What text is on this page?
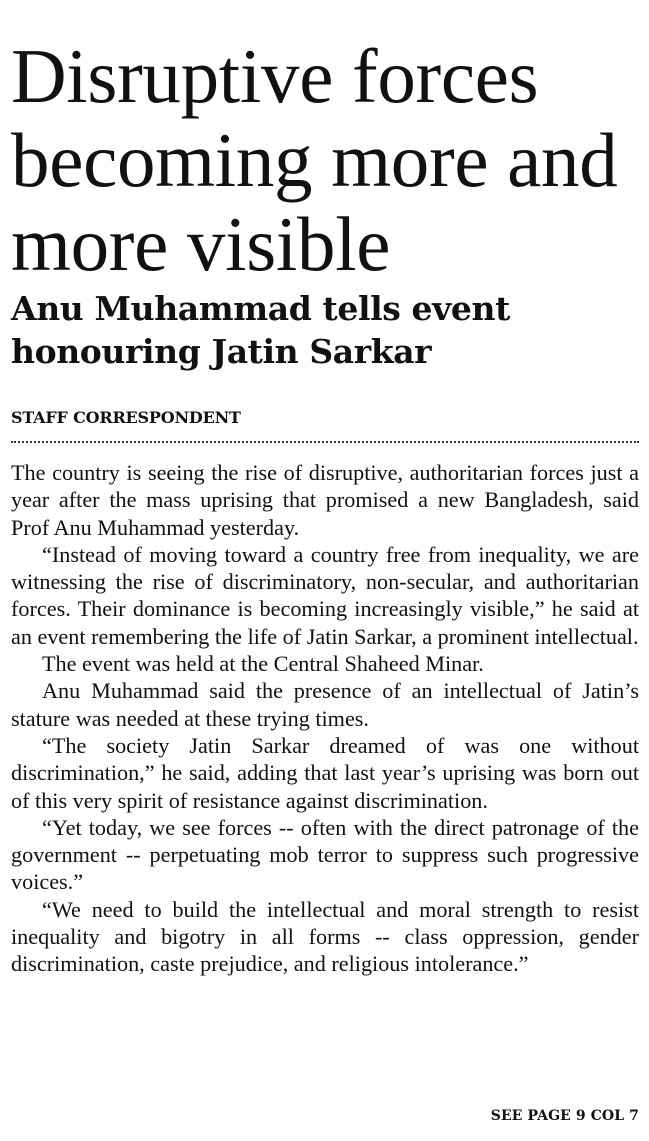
Disruptive forces becoming more and more visible
Anu Muhammad tells event honouring Jatin Sarkar
STAFF CORRESPONDENT

The country is seeing the rise of disruptive, authoritarian forces just a year after the mass uprising that promised a new Bangladesh, said Prof Anu Muhammad yesterday.

“Instead of moving toward a country free from inequality, we are witnessing the rise of discriminatory, non-secular, and authoritarian forces. Their dominance is becoming increasingly visible,” he said at an event remembering the life of Jatin Sarkar, a prominent intellectual.

The event was held at the Central Shaheed Minar.

Anu Muhammad said the presence of an intellectual of Jatin’s stature was needed at these trying times.

“The society Jatin Sarkar dreamed of was one without discrimination,” he said, adding that last year’s uprising was born out of this very spirit of resistance against discrimination.

“Yet today, we see forces -- often with the direct patronage of the government -- perpetuating mob terror to suppress such progressive voices.”

“We need to build the intellectual and moral strength to resist inequality and bigotry in all forms -- class oppression, gender discrimination, caste prejudice, and religious intolerance.”

SEE PAGE 9 COL 7
